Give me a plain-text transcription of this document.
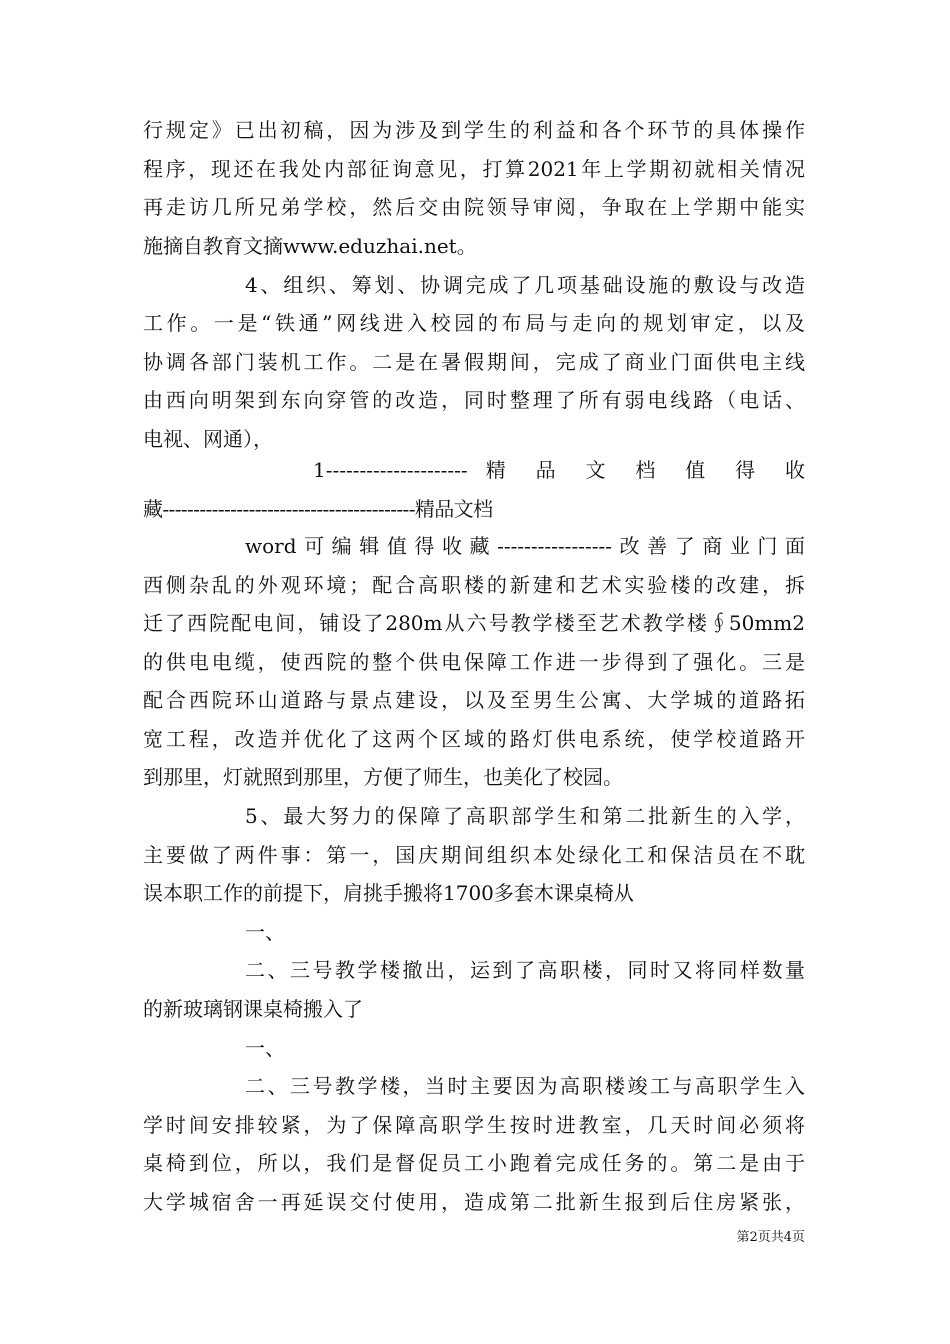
行规定》已出初稿，因为涉及到学生的利益和各个环节的具体操作
程序，现还在我处内部征询意见，打算2021年上学期初就相关情况
再走访几所兄弟学校，然后交由院领导审阅，争取在上学期中能实
施摘自教育文摘www.eduzhai.net。
4、组织、筹划、协调完成了几项基础设施的敷设与改造
工作。一是“铁通”网线进入校园的布局与走向的规划审定，以及
协调各部门装机工作。二是在暑假期间，完成了商业门面供电主线
由西向明架到东向穿管的改造，同时整理了所有弱电线路（电话、
电视、网通），
1--------------------- 精 品 文 档 值 得 收
藏-----------------------------------------精品文档
word可编辑值得收藏-----------------改善了商业门面
西侧杂乱的外观环境；配合高职楼的新建和艺术实验楼的改建，拆
迁了西院配电间，铺设了280m从六号教学楼至艺术教学楼∮50mm2
的供电电缆，使西院的整个供电保障工作进一步得到了强化。三是
配合西院环山道路与景点建设，以及至男生公寓、大学城的道路拓
宽工程，改造并优化了这两个区域的路灯供电系统，使学校道路开
到那里，灯就照到那里，方便了师生，也美化了校园。
5、最大努力的保障了高职部学生和第二批新生的入学，
主要做了两件事：第一，国庆期间组织本处绿化工和保洁员在不耽
误本职工作的前提下，肩挑手搬将1700多套木课桌椅从
一、
二、三号教学楼撤出，运到了高职楼，同时又将同样数量
的新玻璃钢课桌椅搬入了
一、
二、三号教学楼，当时主要因为高职楼竣工与高职学生入
学时间安排较紧，为了保障高职学生按时进教室，几天时间必须将
桌椅到位，所以，我们是督促员工小跑着完成任务的。第二是由于
大学城宿舍一再延误交付使用，造成第二批新生报到后住房紧张，
第2页共4页
